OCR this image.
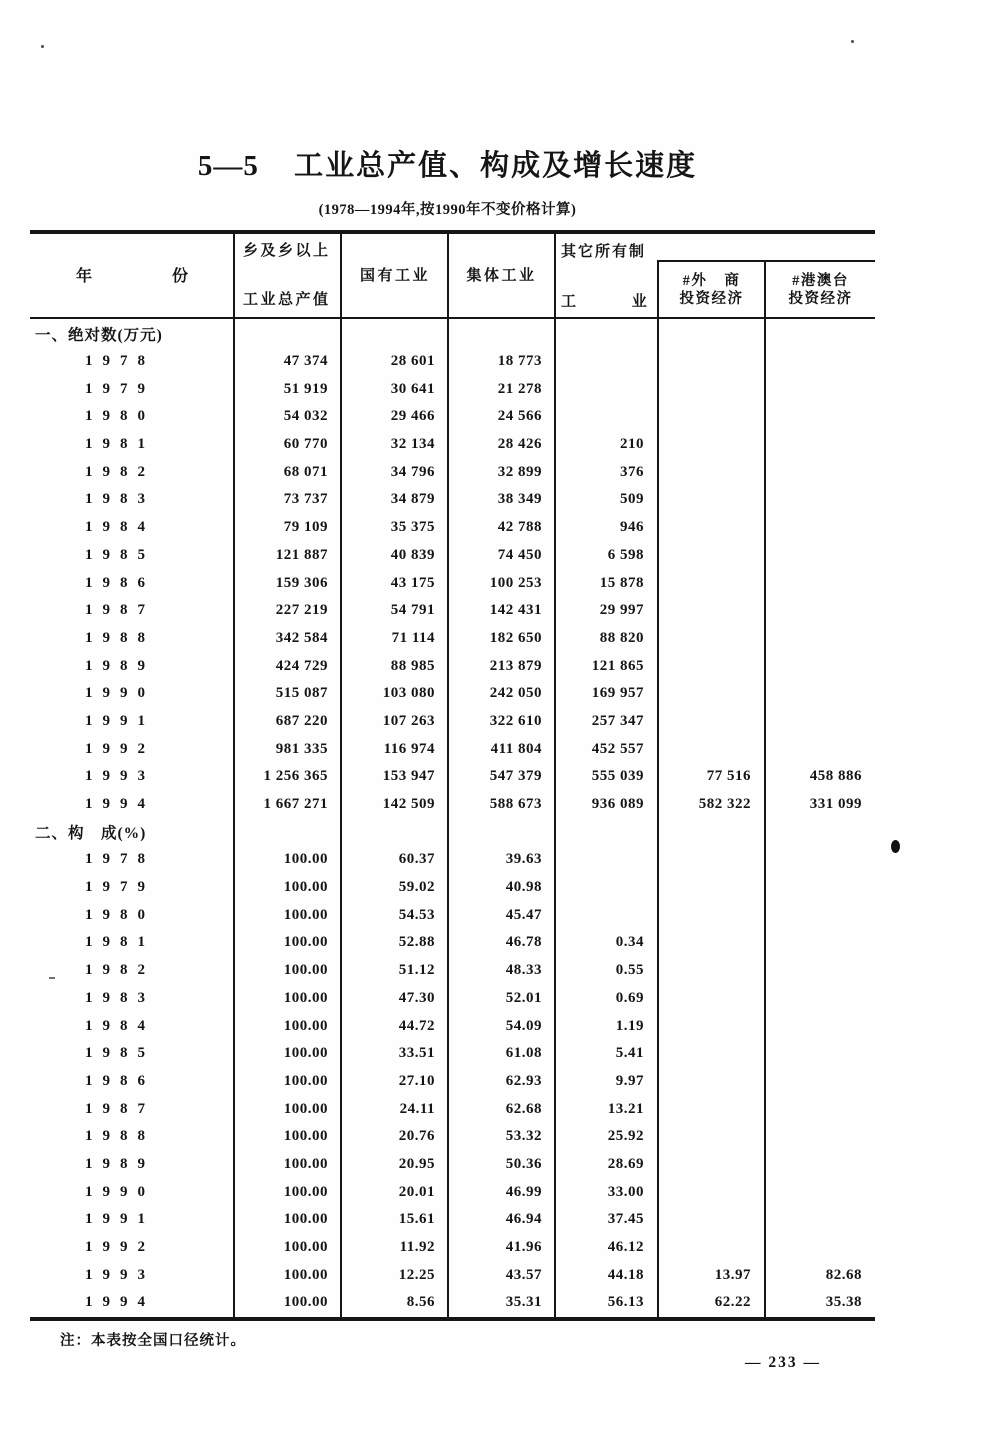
5—5 工业总产值、构成及增长速度
(1978—1994年,按1990年不变价格计算)
年 份
乡及乡以上
工业总产值
国有工业	集体工业
其它所有制
工 业
#外 商
投资经济
#港澳台
投资经济
一、绝对数(万元)
1978	47 374	28 601	18 773
1979	51 919	30 641	21 278
1980	54 032	29 466	24 566
1981	60 770	32 134	28 426	210
1982	68 071	34 796	32 899	376
1983	73 737	34 879	38 349	509
1984	79 109	35 375	42 788	946
1985	121 887	40 839	74 450	6 598
1986	159 306	43 175	100 253	15 878
1987	227 219	54 791	142 431	29 997
1988	342 584	71 114	182 650	88 820
1989	424 729	88 985	213 879	121 865
1990	515 087	103 080	242 050	169 957
1991	687 220	107 263	322 610	257 347
1992	981 335	116 974	411 804	452 557
1993	1 256 365	153 947	547 379	555 039	77 516	458 886
1994	1 667 271	142 509	588 673	936 089	582 322	331 099
二、构　成(%)
1978	100.00	60.37	39.63
1979	100.00	59.02	40.98
1980	100.00	54.53	45.47
1981	100.00	52.88	46.78	0.34
1982	100.00	51.12	48.33	0.55
1983	100.00	47.30	52.01	0.69
1984	100.00	44.72	54.09	1.19
1985	100.00	33.51	61.08	5.41
1986	100.00	27.10	62.93	9.97
1987	100.00	24.11	62.68	13.21
1988	100.00	20.76	53.32	25.92
1989	100.00	20.95	50.36	28.69
1990	100.00	20.01	46.99	33.00
1991	100.00	15.61	46.94	37.45
1992	100.00	11.92	41.96	46.12
1993	100.00	12.25	43.57	44.18	13.97	82.68
1994	100.00	8.56	35.31	56.13	62.22	35.38
注：本表按全国口径统计。
— 233 —
